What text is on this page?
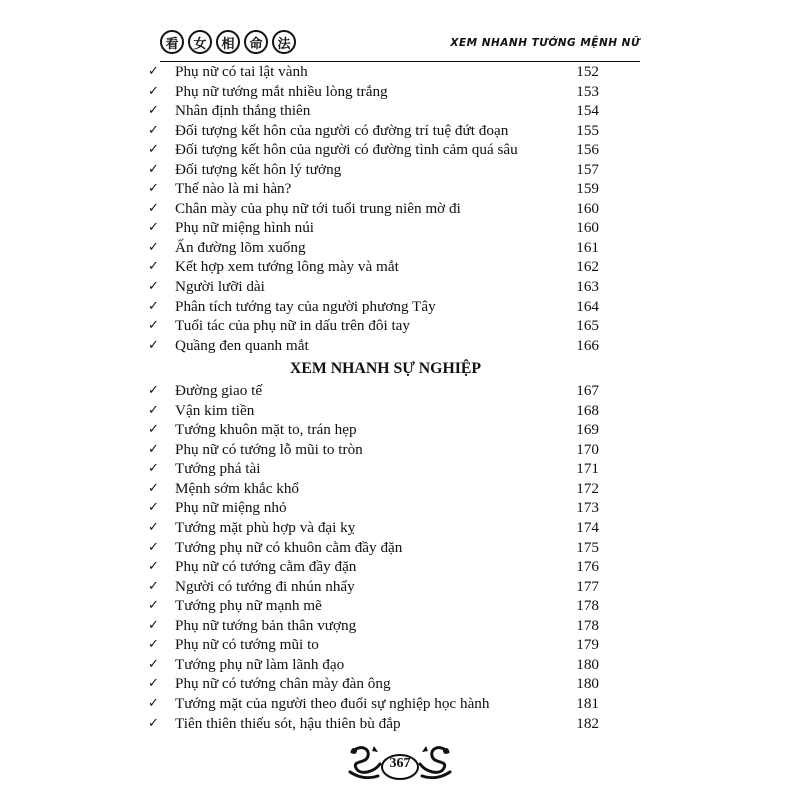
看	女	相	命	法	XEM NHANH TƯỚNG MỆNH NỮ
✓ Phụ nữ có tai lật vành	152
✓ Phụ nữ tướng mắt nhiều lòng trắng	153
✓ Nhân định thắng thiên	154
✓ Đối tượng kết hôn của người có đường trí tuệ đứt đoạn	155
✓ Đối tượng kết hôn của người có đường tình cảm quá sâu	156
✓ Đối tượng kết hôn lý tưởng	157
✓ Thế nào là mi hàn?	159
✓ Chân mày của phụ nữ tới tuổi trung niên mờ đi	160
✓ Phụ nữ miệng hình núi	160
✓ Ấn đường lõm xuống	161
✓ Kết hợp xem tướng lông mày và mắt	162
✓ Người lưỡi dài	163
✓ Phân tích tướng tay của người phương Tây	164
✓ Tuổi tác của phụ nữ in dấu trên đôi tay	165
✓ Quầng đen quanh mắt	166
XEM NHANH SỰ NGHIỆP
✓ Đường giao tế	167
✓ Vận kim tiền	168
✓ Tướng khuôn mặt to, trán hẹp	169
✓ Phụ nữ có tướng lỗ mũi to tròn	170
✓ Tướng phá tài	171
✓ Mệnh sớm khắc khổ	172
✓ Phụ nữ miệng nhỏ	173
✓ Tướng mặt phù hợp và đại kỵ	174
✓ Tướng phụ nữ có khuôn cằm đầy đặn	175
✓ Phụ nữ có tướng cằm đầy đặn	176
✓ Người có tướng đi nhún nhẩy	177
✓ Tướng phụ nữ mạnh mẽ	178
✓ Phụ nữ tướng bản thân vượng	178
✓ Phụ nữ có tướng mũi to	179
✓ Tướng phụ nữ làm lãnh đạo	180
✓ Phụ nữ có tướng chân mày đàn ông	180
✓ Tướng mặt của người theo đuổi sự nghiệp học hành	181
✓ Tiên thiên thiếu sót, hậu thiên bù đắp	182
367
